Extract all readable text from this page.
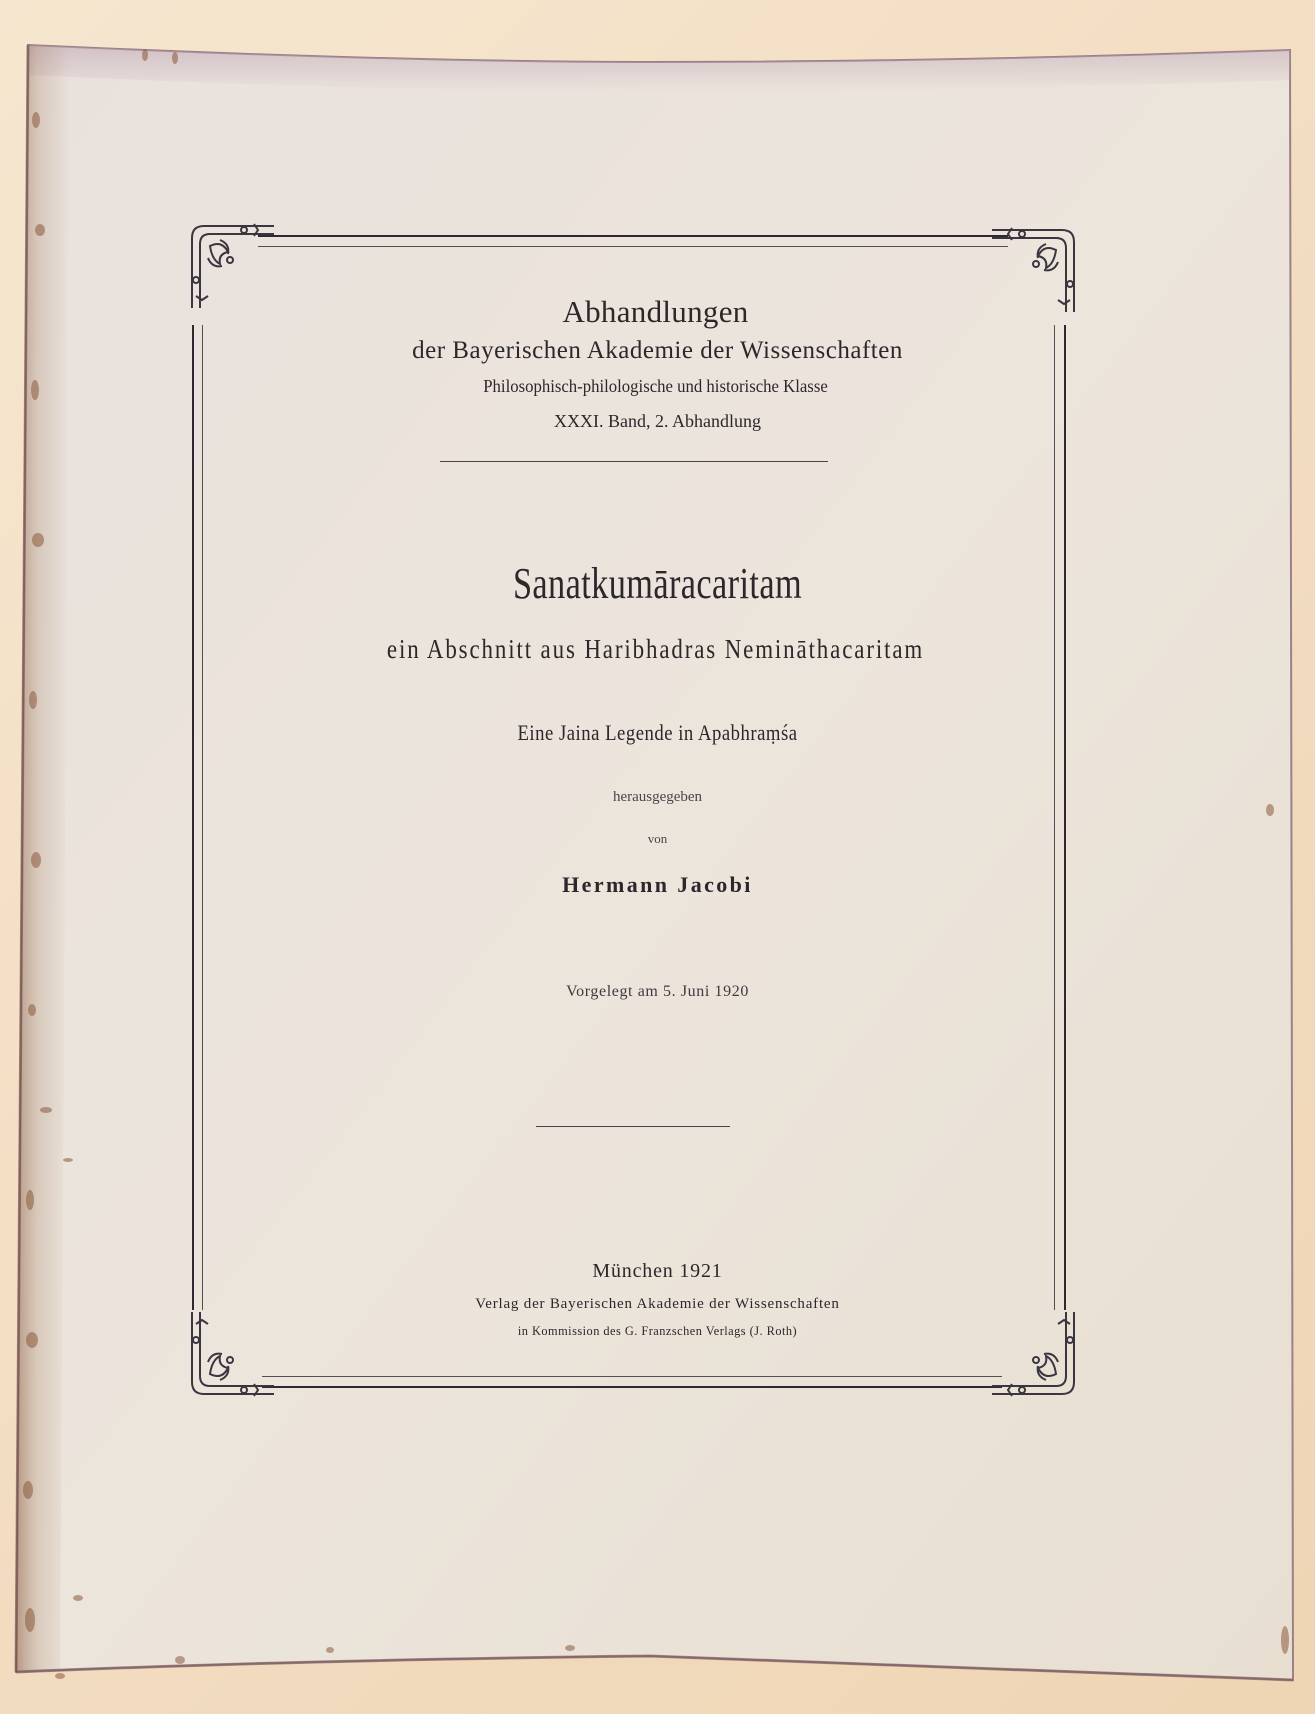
Abhandlungen
der Bayerischen Akademie der Wissenschaften
Philosophisch-philologische und historische Klasse
XXXI. Band, 2. Abhandlung
Sanatkumāracaritam
ein Abschnitt aus Haribhadras Nemināthacaritam
Eine Jaina Legende in Apabhraṃśa
herausgegeben
von
Hermann Jacobi
Vorgelegt am 5. Juni 1920
München 1921
Verlag der Bayerischen Akademie der Wissenschaften
in Kommission des G. Franzschen Verlags (J. Roth)
